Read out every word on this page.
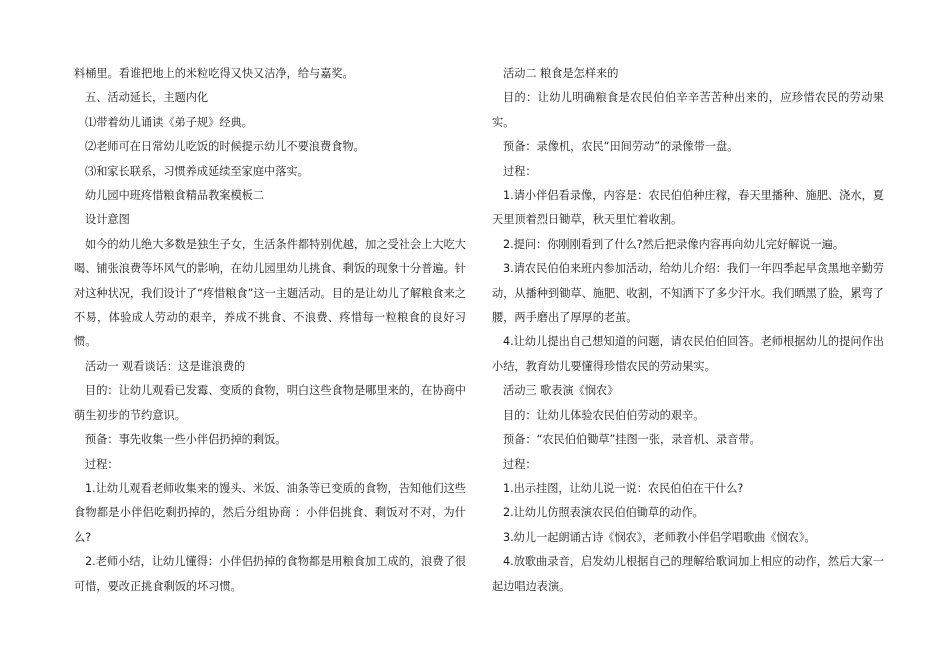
料桶里。看谁把地上的米粒吃得又快又洁净，给与嘉奖。

五、活动延长，主题内化

⑴带着幼儿诵读《弟子规》经典。

⑵老师可在日常幼儿吃饭的时候提示幼儿不要浪费食物。

⑶和家长联系，习惯养成延续至家庭中落实。

幼儿园中班疼惜粮食精品教案模板二

设计意图

如今的幼儿绝大多数是独生子女，生活条件都特别优越，加之受社会上大吃大喝、铺张浪费等坏风气的影响，在幼儿园里幼儿挑食、剩饭的现象十分普遍。针对这种状况，我们设计了“疼惜粮食”这一主题活动。目的是让幼儿了解粮食来之不易，体验成人劳动的艰辛，养成不挑食、不浪费、疼惜每一粒粮食的良好习惯。

活动一 观看谈话：这是谁浪费的

目的：让幼儿观看已发霉、变质的食物，明白这些食物是哪里来的，在协商中萌生初步的节约意识。

预备：事先收集一些小伴侣扔掉的剩饭。

过程：

1.让幼儿观看老师收集来的馒头、米饭、油条等已变质的食物，告知他们这些食物都是小伴侣吃剩扔掉的，然后分组协商 ：小伴侣挑食、剩饭对不对，为什么?

2.老师小结，让幼儿懂得：小伴侣扔掉的食物都是用粮食加工成的，浪费了很可惜，要改正挑食剩饭的坏习惯。

活动二 粮食是怎样来的

目的：让幼儿明确粮食是农民伯伯辛辛苦苦种出来的，应珍惜农民的劳动果实。

预备：录像机，农民“田间劳动”的录像带一盘。

过程：

1.请小伴侣看录像，内容是：农民伯伯种庄稼，春天里播种、施肥、浇水，夏天里顶着烈日锄草，秋天里忙着收割。

2.提问：你刚刚看到了什么?然后把录像内容再向幼儿完好解说一遍。

3.请农民伯伯来班内参加活动，给幼儿介绍：我们一年四季起早贪黑地辛勤劳动，从播种到锄草、施肥、收割，不知洒下了多少汗水。我们晒黑了脸，累弯了腰，两手磨出了厚厚的老茧。

4.让幼儿提出自己想知道的问题，请农民伯伯回答。老师根据幼儿的提问作出小结，教育幼儿要懂得珍惜农民的劳动果实。

活动三 歌表演《悯农》

目的：让幼儿体验农民伯伯劳动的艰辛。

预备：“农民伯伯锄草”挂图一张，录音机、录音带。

过程：

1.出示挂图，让幼儿说一说：农民伯伯在干什么?

2.让幼儿仿照表演农民伯伯锄草的动作。

3.幼儿一起朗诵古诗《悯农》，老师教小伴侣学唱歌曲《悯农》。

4.放歌曲录音，启发幼儿根据自己的理解给歌词加上相应的动作，然后大家一起边唱边表演。
